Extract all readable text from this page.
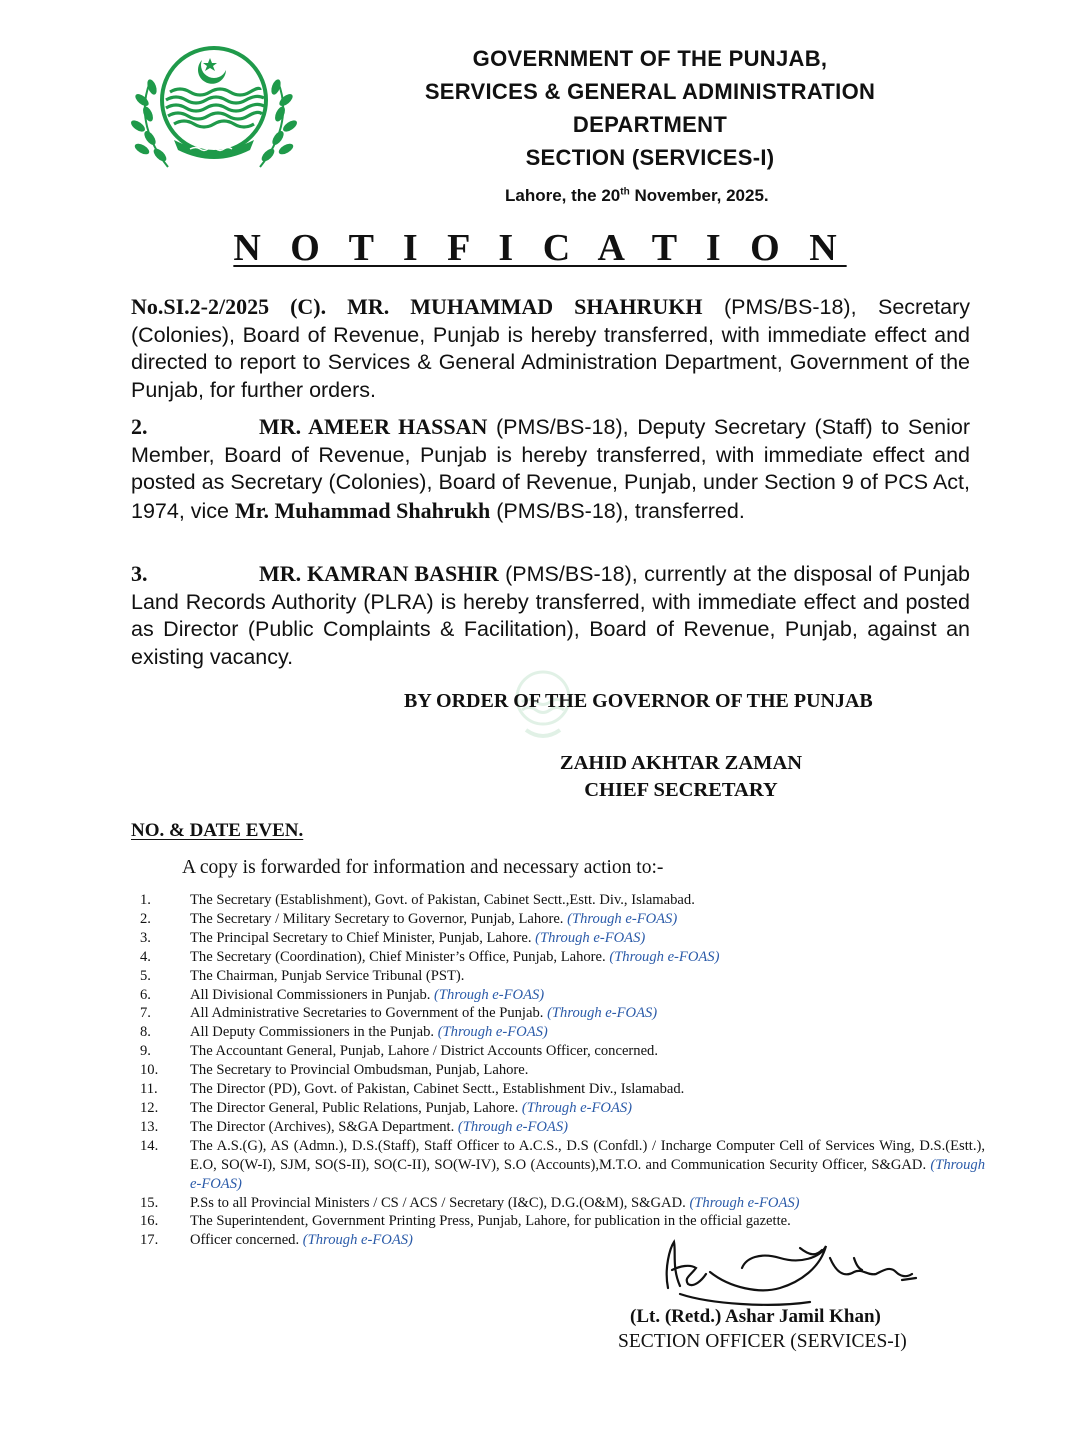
GOVERNMENT OF THE PUNJAB,
SERVICES & GENERAL ADMINISTRATION
DEPARTMENT
SECTION (SERVICES-I)
Lahore, the 20th November, 2025.
N O T I F I C A T I O N
No.SI.2-2/2025 (C). MR. MUHAMMAD SHAHRUKH (PMS/BS-18), Secretary (Colonies), Board of Revenue, Punjab is hereby transferred, with immediate effect and directed to report to Services & General Administration Department, Government of the Punjab, for further orders.
2.	MR. AMEER HASSAN (PMS/BS-18), Deputy Secretary (Staff) to Senior Member, Board of Revenue, Punjab is hereby transferred, with immediate effect and posted as Secretary (Colonies), Board of Revenue, Punjab, under Section 9 of PCS Act, 1974, vice Mr. Muhammad Shahrukh (PMS/BS-18), transferred.
3.	MR. KAMRAN BASHIR (PMS/BS-18), currently at the disposal of Punjab Land Records Authority (PLRA) is hereby transferred, with immediate effect and posted as Director (Public Complaints & Facilitation), Board of Revenue, Punjab, against an existing vacancy.
BY ORDER OF THE GOVERNOR OF THE PUNJAB
ZAHID AKHTAR ZAMAN
CHIEF SECRETARY
NO. & DATE EVEN.
A copy is forwarded for information and necessary action to:-
1.	The Secretary (Establishment), Govt. of Pakistan, Cabinet Sectt.,Estt. Div., Islamabad.
2.	The Secretary / Military Secretary to Governor, Punjab, Lahore. (Through e-FOAS)
3.	The Principal Secretary to Chief Minister, Punjab, Lahore. (Through e-FOAS)
4.	The Secretary (Coordination), Chief Minister’s Office, Punjab, Lahore. (Through e-FOAS)
5.	The Chairman, Punjab Service Tribunal (PST).
6.	All Divisional Commissioners in Punjab. (Through e-FOAS)
7.	All Administrative Secretaries to Government of the Punjab. (Through e-FOAS)
8.	All Deputy Commissioners in the Punjab. (Through e-FOAS)
9.	The Accountant General, Punjab, Lahore / District Accounts Officer, concerned.
10.	The Secretary to Provincial Ombudsman, Punjab, Lahore.
11.	The Director (PD), Govt. of Pakistan, Cabinet Sectt., Establishment Div., Islamabad.
12.	The Director General, Public Relations, Punjab, Lahore. (Through e-FOAS)
13.	The Director (Archives), S&GA Department. (Through e-FOAS)
14.	The A.S.(G), AS (Admn.), D.S.(Staff), Staff Officer to A.C.S., D.S (Confdl.) / Incharge Computer Cell of Services Wing, D.S.(Estt.), E.O, SO(W-I), SJM, SO(S-II), SO(C-II), SO(W-IV), S.O (Accounts),M.T.O. and Communication Security Officer, S&GAD. (Through e-FOAS)
15.	P.Ss to all Provincial Ministers / CS / ACS / Secretary (I&C), D.G.(O&M), S&GAD. (Through e-FOAS)
16.	The Superintendent, Government Printing Press, Punjab, Lahore, for publication in the official gazette.
17.	Officer concerned. (Through e-FOAS)
(Lt. (Retd.) Ashar Jamil Khan)
SECTION OFFICER (SERVICES-I)
